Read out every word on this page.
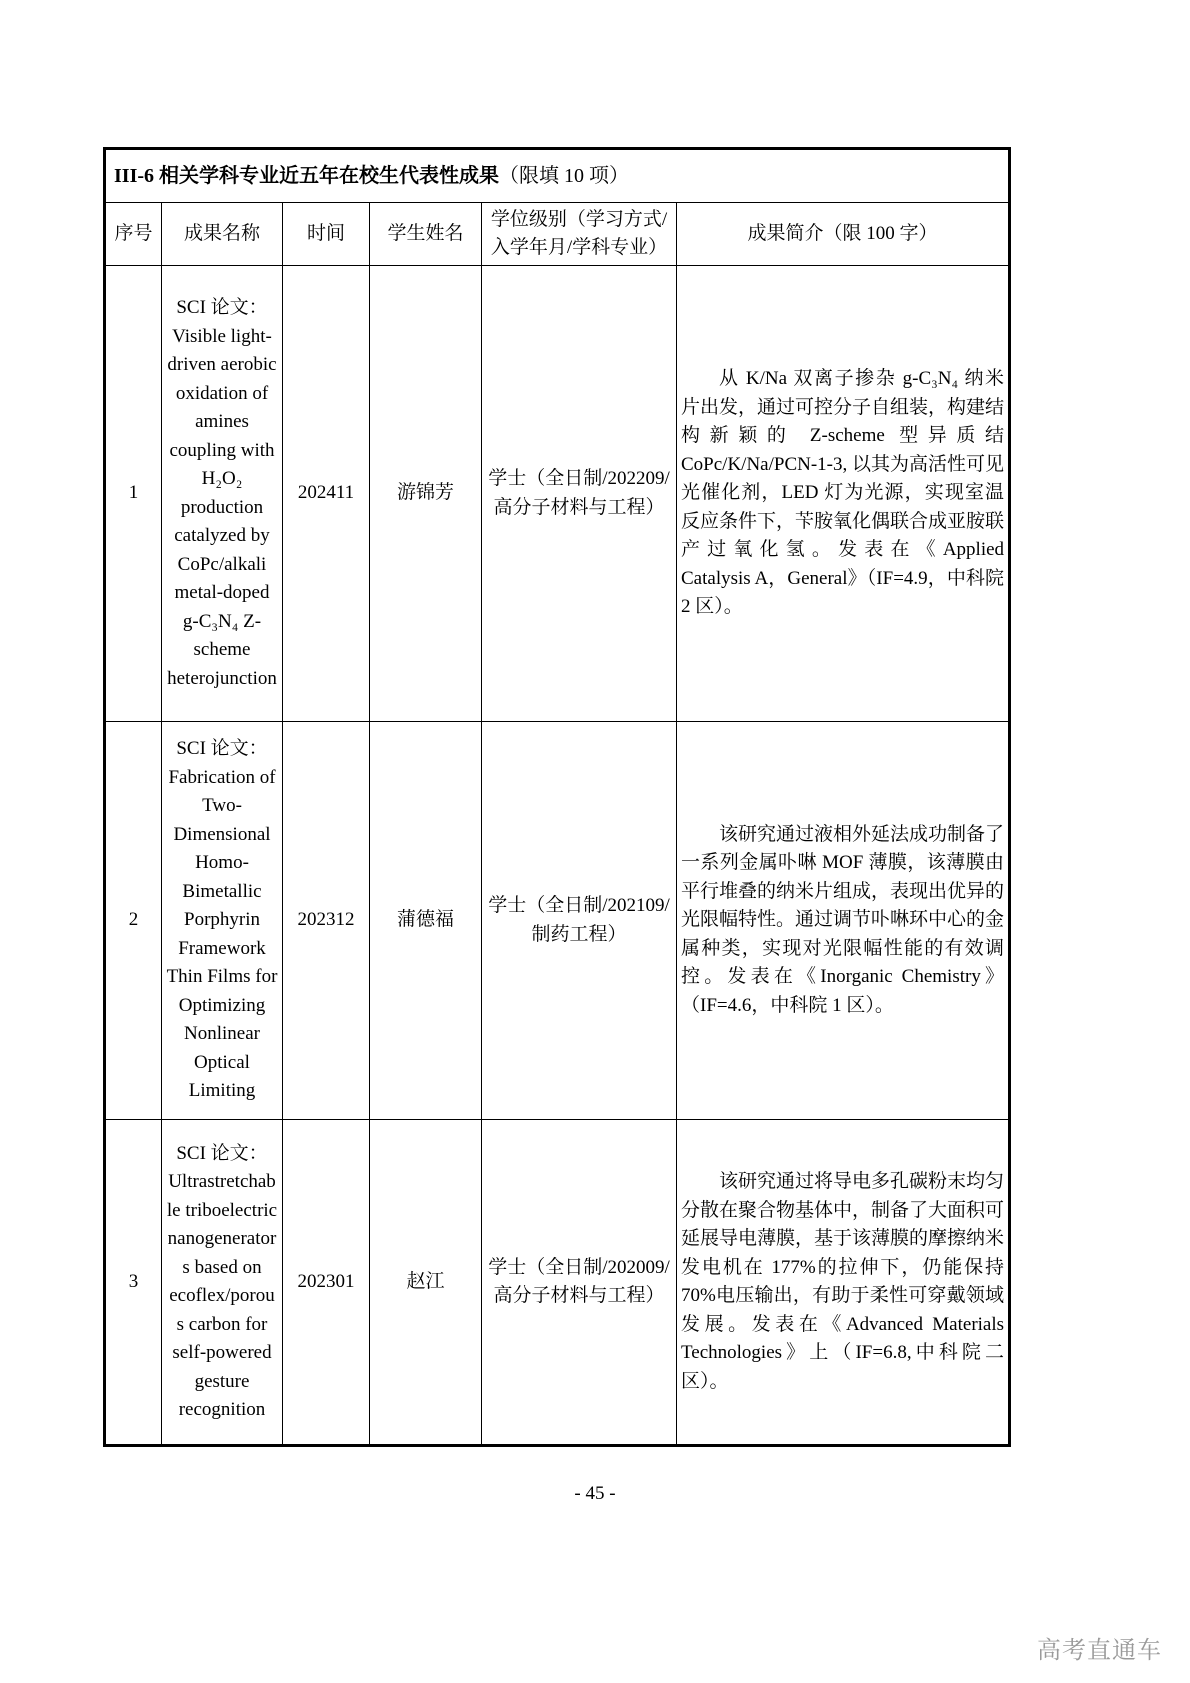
III-6 相关学科专业近五年在校生代表性成果（限填 10 项）					
序号	成果名称	时间	学生姓名	学位级别（学习方式/入学年月/学科专业）	成果简介（限 100 字）
1	SCI 论文： Visible light-driven aerobic oxidation of amines coupling with H₂O₂ production catalyzed by CoPc/alkali metal-doped g-C₃N₄ Z-scheme heterojunction	202411	游锦芳	学士（全日制/202209/高分子材料与工程）	从 K/Na 双离子掺杂 g-C₃N₄ 纳米片出发，通过可控分子自组装，构建结构新颖的 Z-scheme 型异质结 CoPc/K/Na/PCN-1-3, 以其为高活性可见光催化剂，LED 灯为光源，实现室温反应条件下，苄胺氧化偶联合成亚胺联产过氧化氢。发表在《Applied Catalysis A，General》（IF=4.9，中科院 2 区）。
2	SCI 论文： Fabrication of Two-Dimensional Homo-Bimetallic Porphyrin Framework Thin Films for Optimizing Nonlinear Optical Limiting	202312	蒲德福	学士（全日制/202109/制药工程）	该研究通过液相外延法成功制备了一系列金属卟啉 MOF 薄膜，该薄膜由平行堆叠的纳米片组成，表现出优异的光限幅特性。通过调节卟啉环中心的金属种类，实现对光限幅性能的有效调控。发表在《Inorganic Chemistry》（IF=4.6，中科院 1 区）。
3	SCI 论文： Ultrastretchable triboelectric nanogenerators based on ecoflex/porous carbon for self-powered gesture recognition	202301	赵江	学士（全日制/202009/高分子材料与工程）	该研究通过将导电多孔碳粉末均匀分散在聚合物基体中，制备了大面积可延展导电薄膜，基于该薄膜的摩擦纳米发电机在 177%的拉伸下，仍能保持 70%电压输出，有助于柔性可穿戴领域发展。发表在《Advanced Materials Technologies》上（IF=6.8,中科院二区）。
- 45 -
高考直通车
